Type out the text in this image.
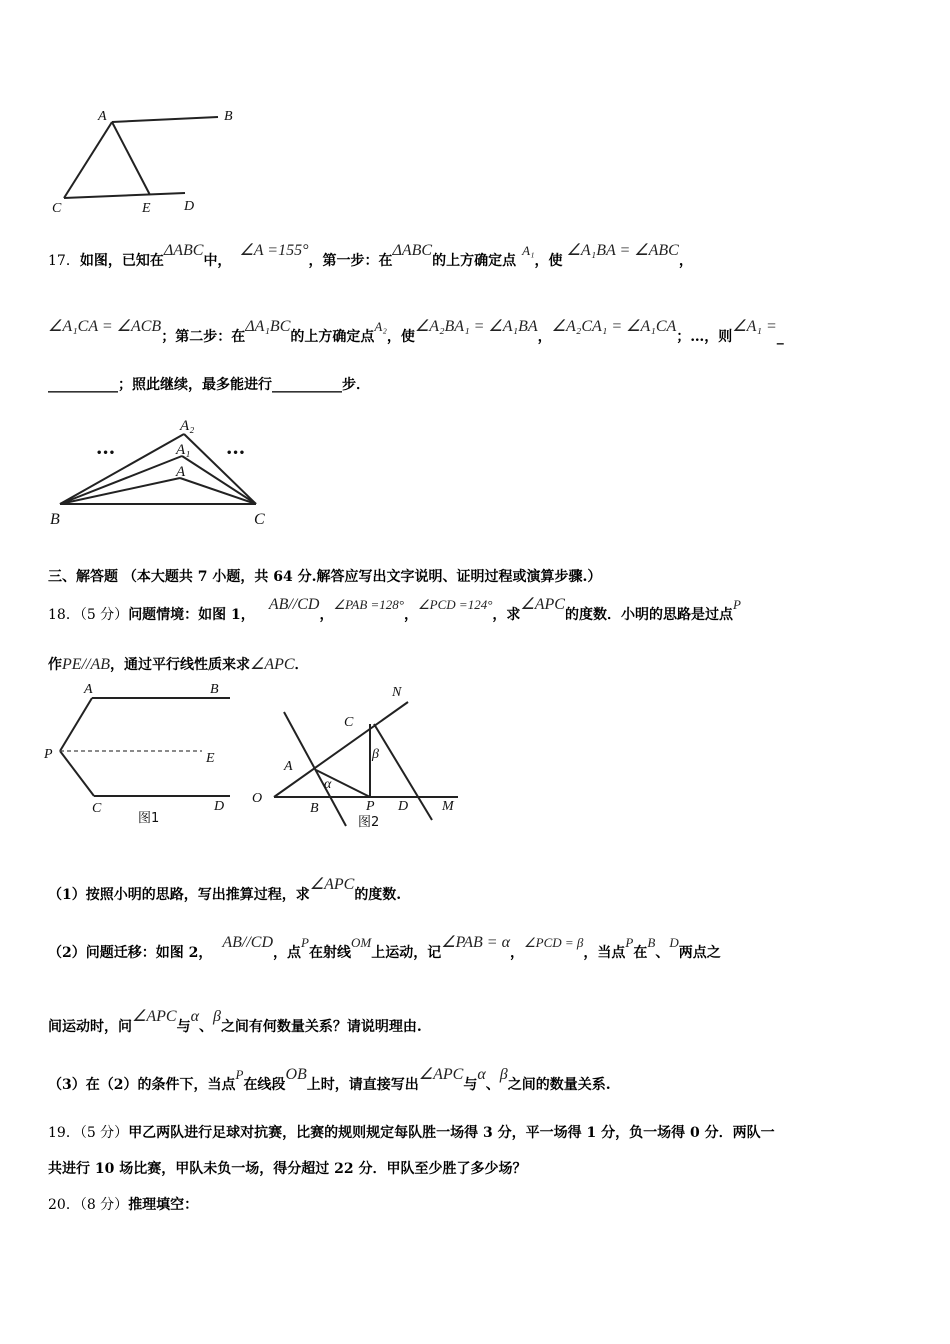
A	B
C	E D
17．如图，已知在ΔABC中，∠A =155°，第一步：在ΔABC的上方确定点A₁，使∠A₁BA = ∠ABC，
∠A₁CA = ∠ACB；第二步：在ΔA₁BC的上方确定点A₂，使∠A₂BA₁ = ∠A₁BA，∠A₂CA₁ = ∠A₁CA；…，则∠A₁ =_
__________；照此继续，最多能进行__________步．
A₂
A₁
A
B	C
•••	•••
三、解答题 （本大题共 7 小题，共 64 分.解答应写出文字说明、证明过程或演算步骤.）
18．（5 分）问题情境：如图 1，AB//CD，∠PAB =128°，∠PCD =124°，求∠APC的度数．小明的思路是过点P
作PE//AB，通过平行线性质来求∠APC．
A	B
P	E
C	D
图1
N
C
β
A
α
O
B	P D M
图2
（1）按照小明的思路，写出推算过程，求∠APC的度数.
（2）问题迁移：如图 2，AB//CD，点P在射线OM上运动，记∠PAB = α，∠PCD = β，当点P在B、D两点之
间运动时，问∠APC与α、β之间有何数量关系？请说明理由.
（3）在（2）的条件下，当点P在线段OB上时，请直接写出∠APC与α、β之间的数量关系.
19．（5 分）甲乙两队进行足球对抗赛，比赛的规则规定每队胜一场得 3 分，平一场得 1 分，负一场得 0 分．两队一
共进行 10 场比赛，甲队未负一场，得分超过 22 分．甲队至少胜了多少场？
20．（8 分）推理填空：
